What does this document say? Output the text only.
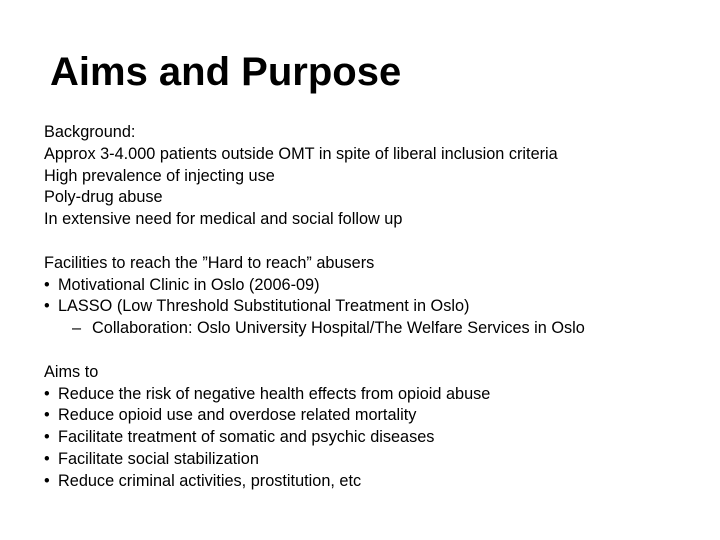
Aims and Purpose
Background:
Approx 3-4.000 patients outside OMT in spite of liberal inclusion criteria
High prevalence of injecting use
Poly-drug abuse
In extensive need for medical and social follow up
Facilities to reach the ”Hard to reach” abusers
• Motivational Clinic in Oslo (2006-09)
• LASSO (Low Threshold Substitutional Treatment in Oslo)
– Collaboration: Oslo University Hospital/The Welfare Services in Oslo
Aims to
• Reduce the risk of negative health effects from opioid abuse
• Reduce opioid use and overdose related mortality
• Facilitate treatment of somatic and psychic diseases
• Facilitate social stabilization
• Reduce criminal activities, prostitution, etc
